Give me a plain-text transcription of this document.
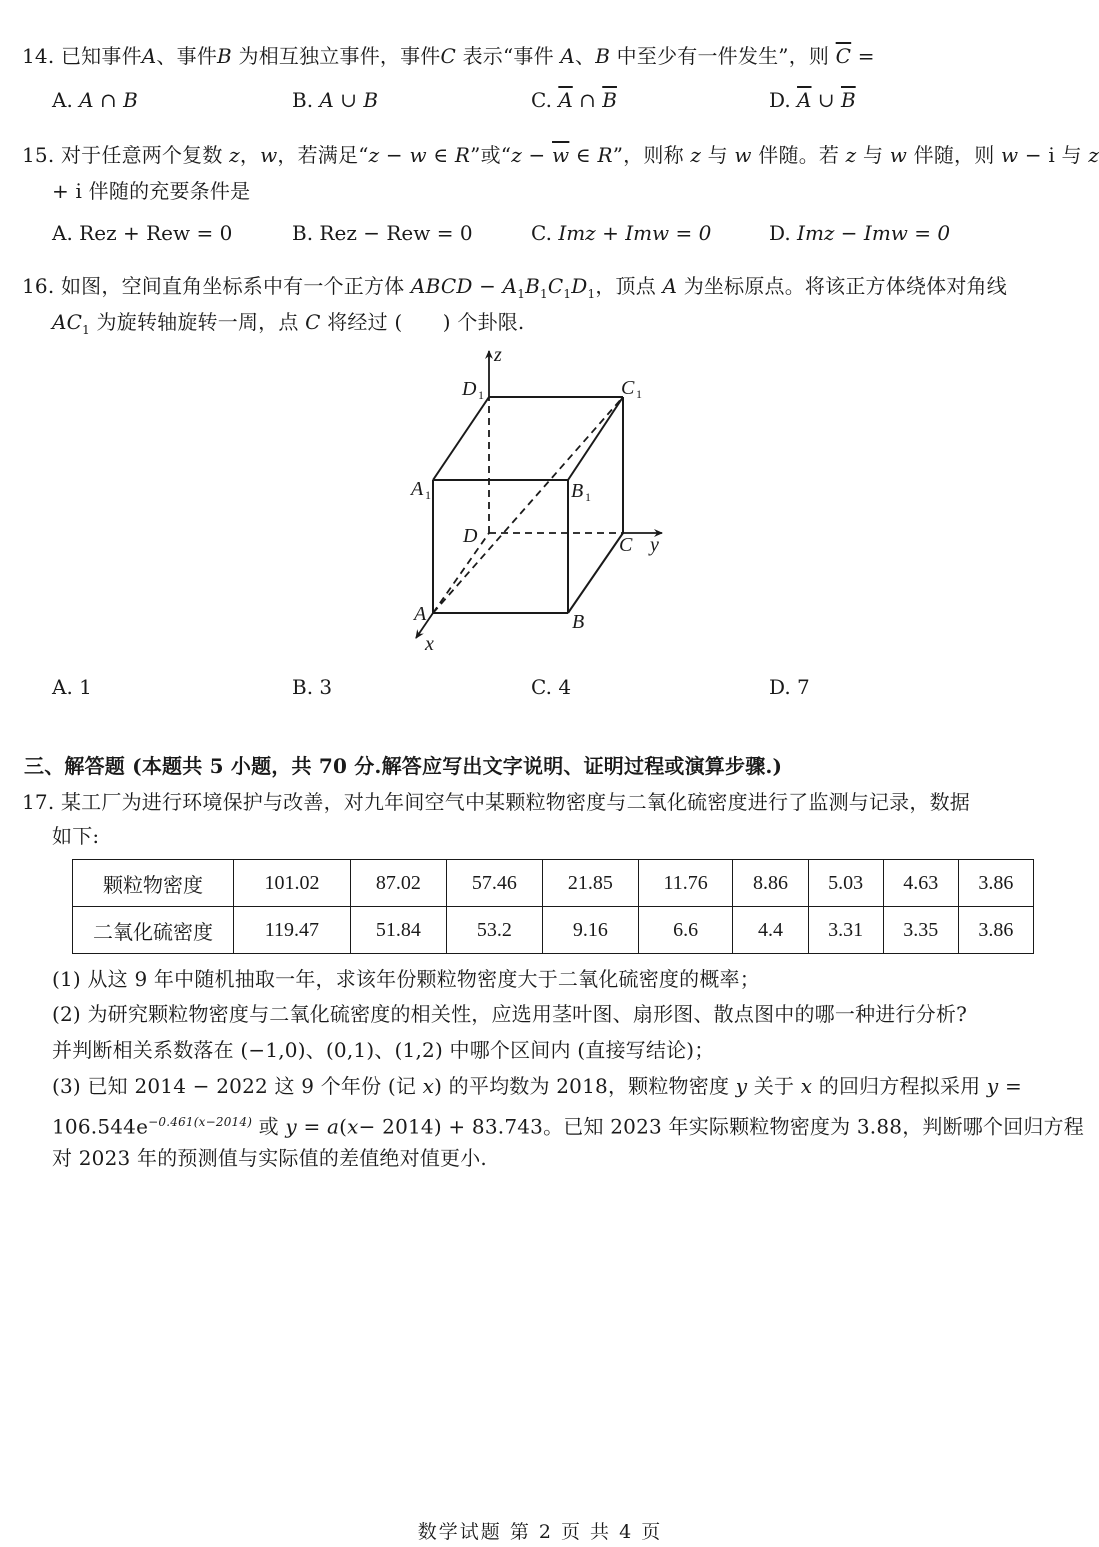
14. 已知事件A、事件B 为相互独立事件，事件C 表示“事件 A、B 中至少有一件发生”，则 $\overline{C}$ =
A. A ∩ B	B. A ∪ B	C. $\overline{A}$ ∩ $\overline{B}$	D. $\overline{A}$ ∪ $\overline{B}$
15. 对于任意两个复数 z，w，若满足“z − w ∈ R”或“$z - \overline{w}$ ∈ R”，则称 z 与 w 伴随。若 z 与 w 伴随，则 w − i 与 z
+ i 伴随的充要条件是
A. Rez + Rew = 0	B. Rez − Rew = 0	C. Imz + Imw = 0	D. Imz − Imw = 0
16. 如图，空间直角坐标系中有一个正方体 ABCD − $A_1B_1C_1D_1$，顶点 A 为坐标原点。将该正方体绕体对角线
$AC_1$ 为旋转轴旋转一周，点 C 将经过 (　　) 个卦限.
z
y
x
D 1	C 1
A 1	B 1
D	C
A	B
A. 1	B. 3	C. 4	D. 7
三、解答题 (本题共 5 小题，共 70 分.解答应写出文字说明、证明过程或演算步骤.)
17. 某工厂为进行环境保护与改善，对九年间空气中某颗粒物密度与二氧化硫密度进行了监测与记录，数据
如下:
颗粒物密度	101.02	87.02	57.46	21.85	11.76	8.86	5.03	4.63	3.86
二氧化硫密度	119.47	51.84	53.2	9.16	6.6	4.4	3.31	3.35	3.86
(1) 从这 9 年中随机抽取一年，求该年份颗粒物密度大于二氧化硫密度的概率；
(2) 为研究颗粒物密度与二氧化硫密度的相关性，应选用茎叶图、扇形图、散点图中的哪一种进行分析?
并判断相关系数落在 (−1,0)、(0,1)、(1,2) 中哪个区间内 (直接写结论)；
(3) 已知 2014 − 2022 这 9 个年份 (记 x) 的平均数为 2018，颗粒物密度 y 关于 x 的回归方程拟采用 y =
$106.544e^{-0.461(x-2014)}$ 或 y = a(x− 2014) + 83.743。已知 2023 年实际颗粒物密度为 3.88，判断哪个回归方程
对 2023 年的预测值与实际值的差值绝对值更小.
数学试题 第 2 页 共 4 页
